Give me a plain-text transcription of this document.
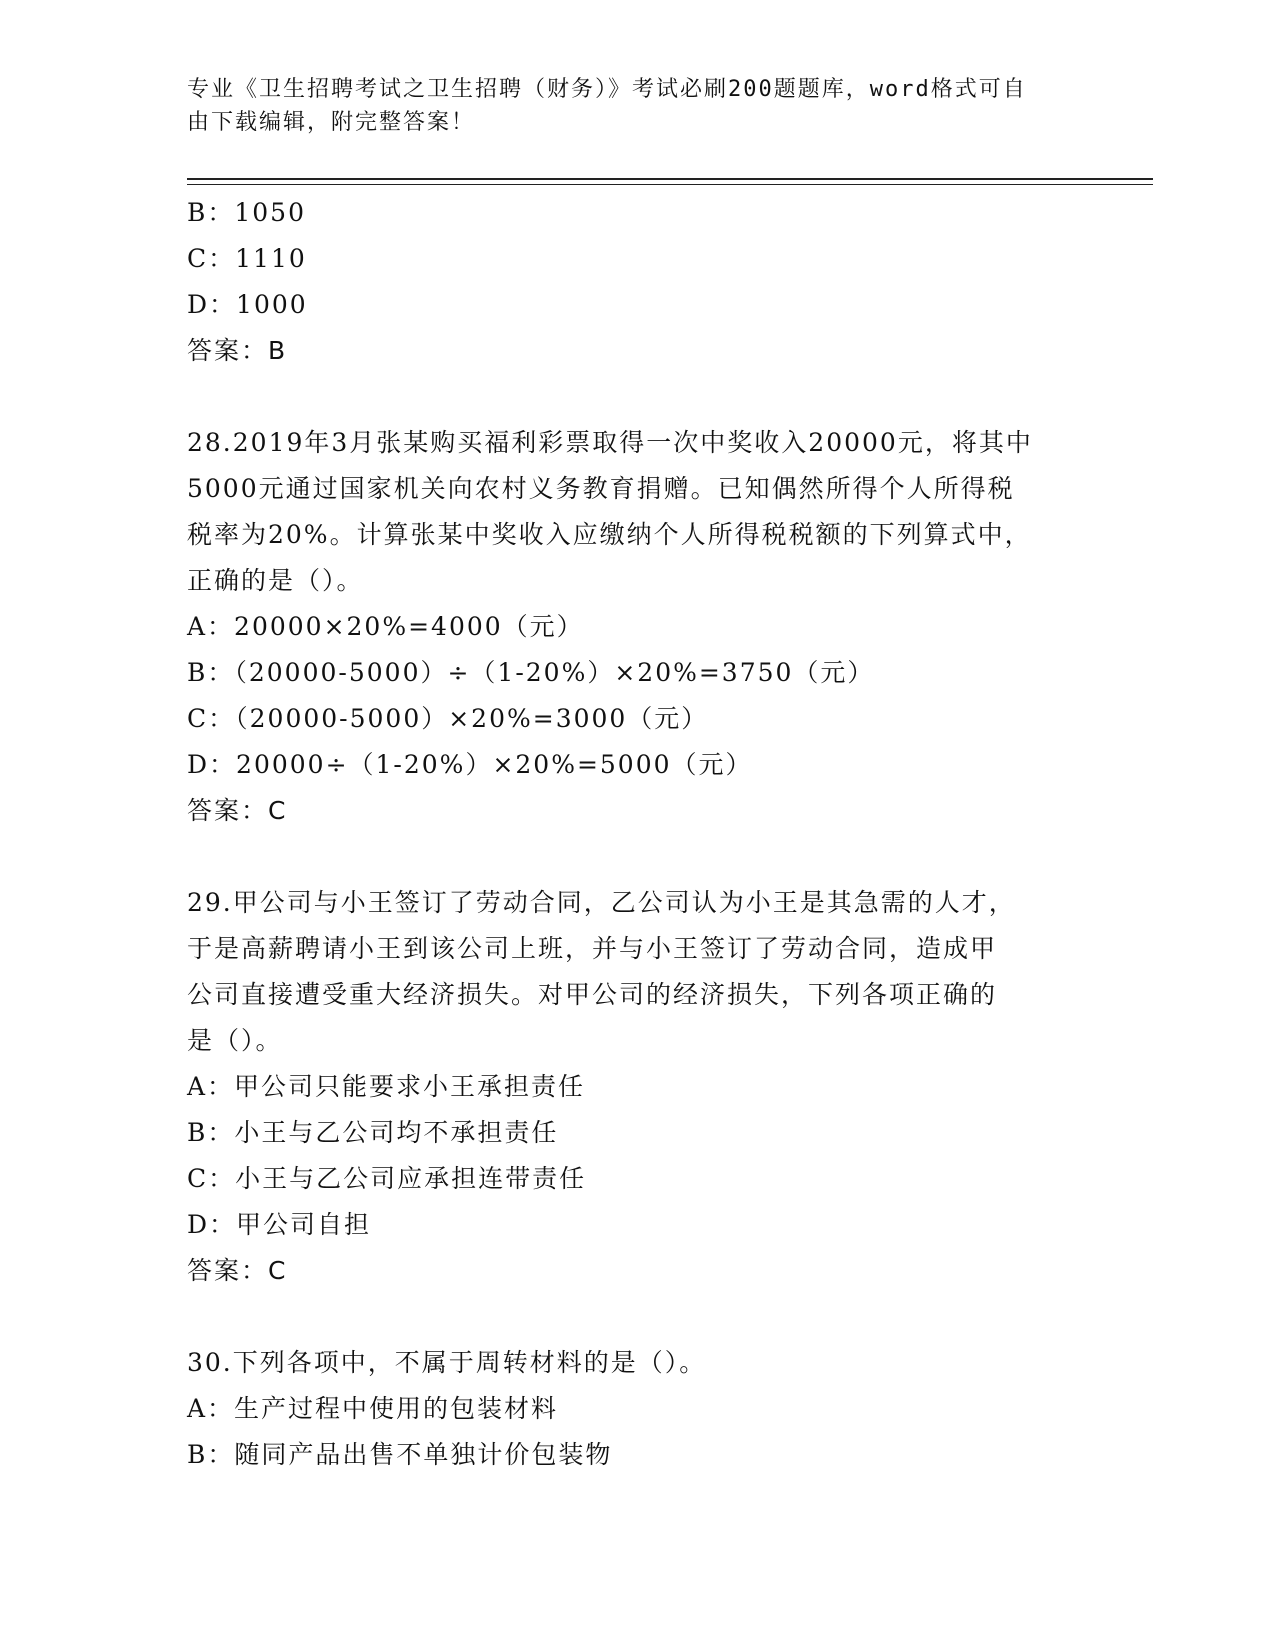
专业《卫生招聘考试之卫生招聘（财务）》考试必刷200题题库，word格式可自
由下载编辑，附完整答案！
B：1050
C：1110
D：1000
答案：B
28.2019年3月张某购买福利彩票取得一次中奖收入20000元，将其中
5000元通过国家机关向农村义务教育捐赠。已知偶然所得个人所得税
税率为20%。计算张某中奖收入应缴纳个人所得税税额的下列算式中，
正确的是（）。
A：20000×20%=4000（元）
B：（20000-5000）÷（1-20%）×20%=3750（元）
C：（20000-5000）×20%=3000（元）
D：20000÷（1-20%）×20%=5000（元）
答案：C
29.甲公司与小王签订了劳动合同，乙公司认为小王是其急需的人才，
于是高薪聘请小王到该公司上班，并与小王签订了劳动合同，造成甲
公司直接遭受重大经济损失。对甲公司的经济损失，下列各项正确的
是（）。
A：甲公司只能要求小王承担责任
B：小王与乙公司均不承担责任
C：小王与乙公司应承担连带责任
D：甲公司自担
答案：C
30.下列各项中，不属于周转材料的是（）。
A：生产过程中使用的包装材料
B：随同产品出售不单独计价包装物
